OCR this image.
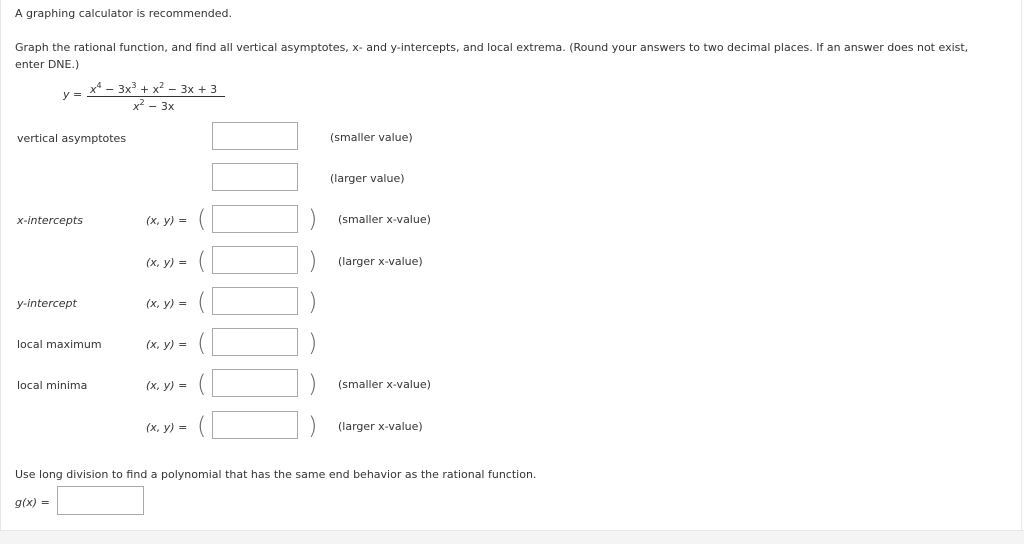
A graphing calculator is recommended.
Graph the rational function, and find all vertical asymptotes, x- and y-intercepts, and local extrema. (Round your answers to two decimal places. If an answer does not exist,
enter DNE.)
$y = x^4 - 3x^3 + x^2 - 3x + 3$
$x^2 - 3x$
vertical asymptotes	(smaller value)
(larger value)
x-intercepts	(x, y) = (	) (smaller x-value)
(x, y) = (	) (larger x-value)
y-intercept	(x, y) = (	)
local maximum	(x, y) = (	)
local minima	(x, y) = (	) (smaller x-value)
(x, y) = (	) (larger x-value)
Use long division to find a polynomial that has the same end behavior as the rational function.
g(x) =
